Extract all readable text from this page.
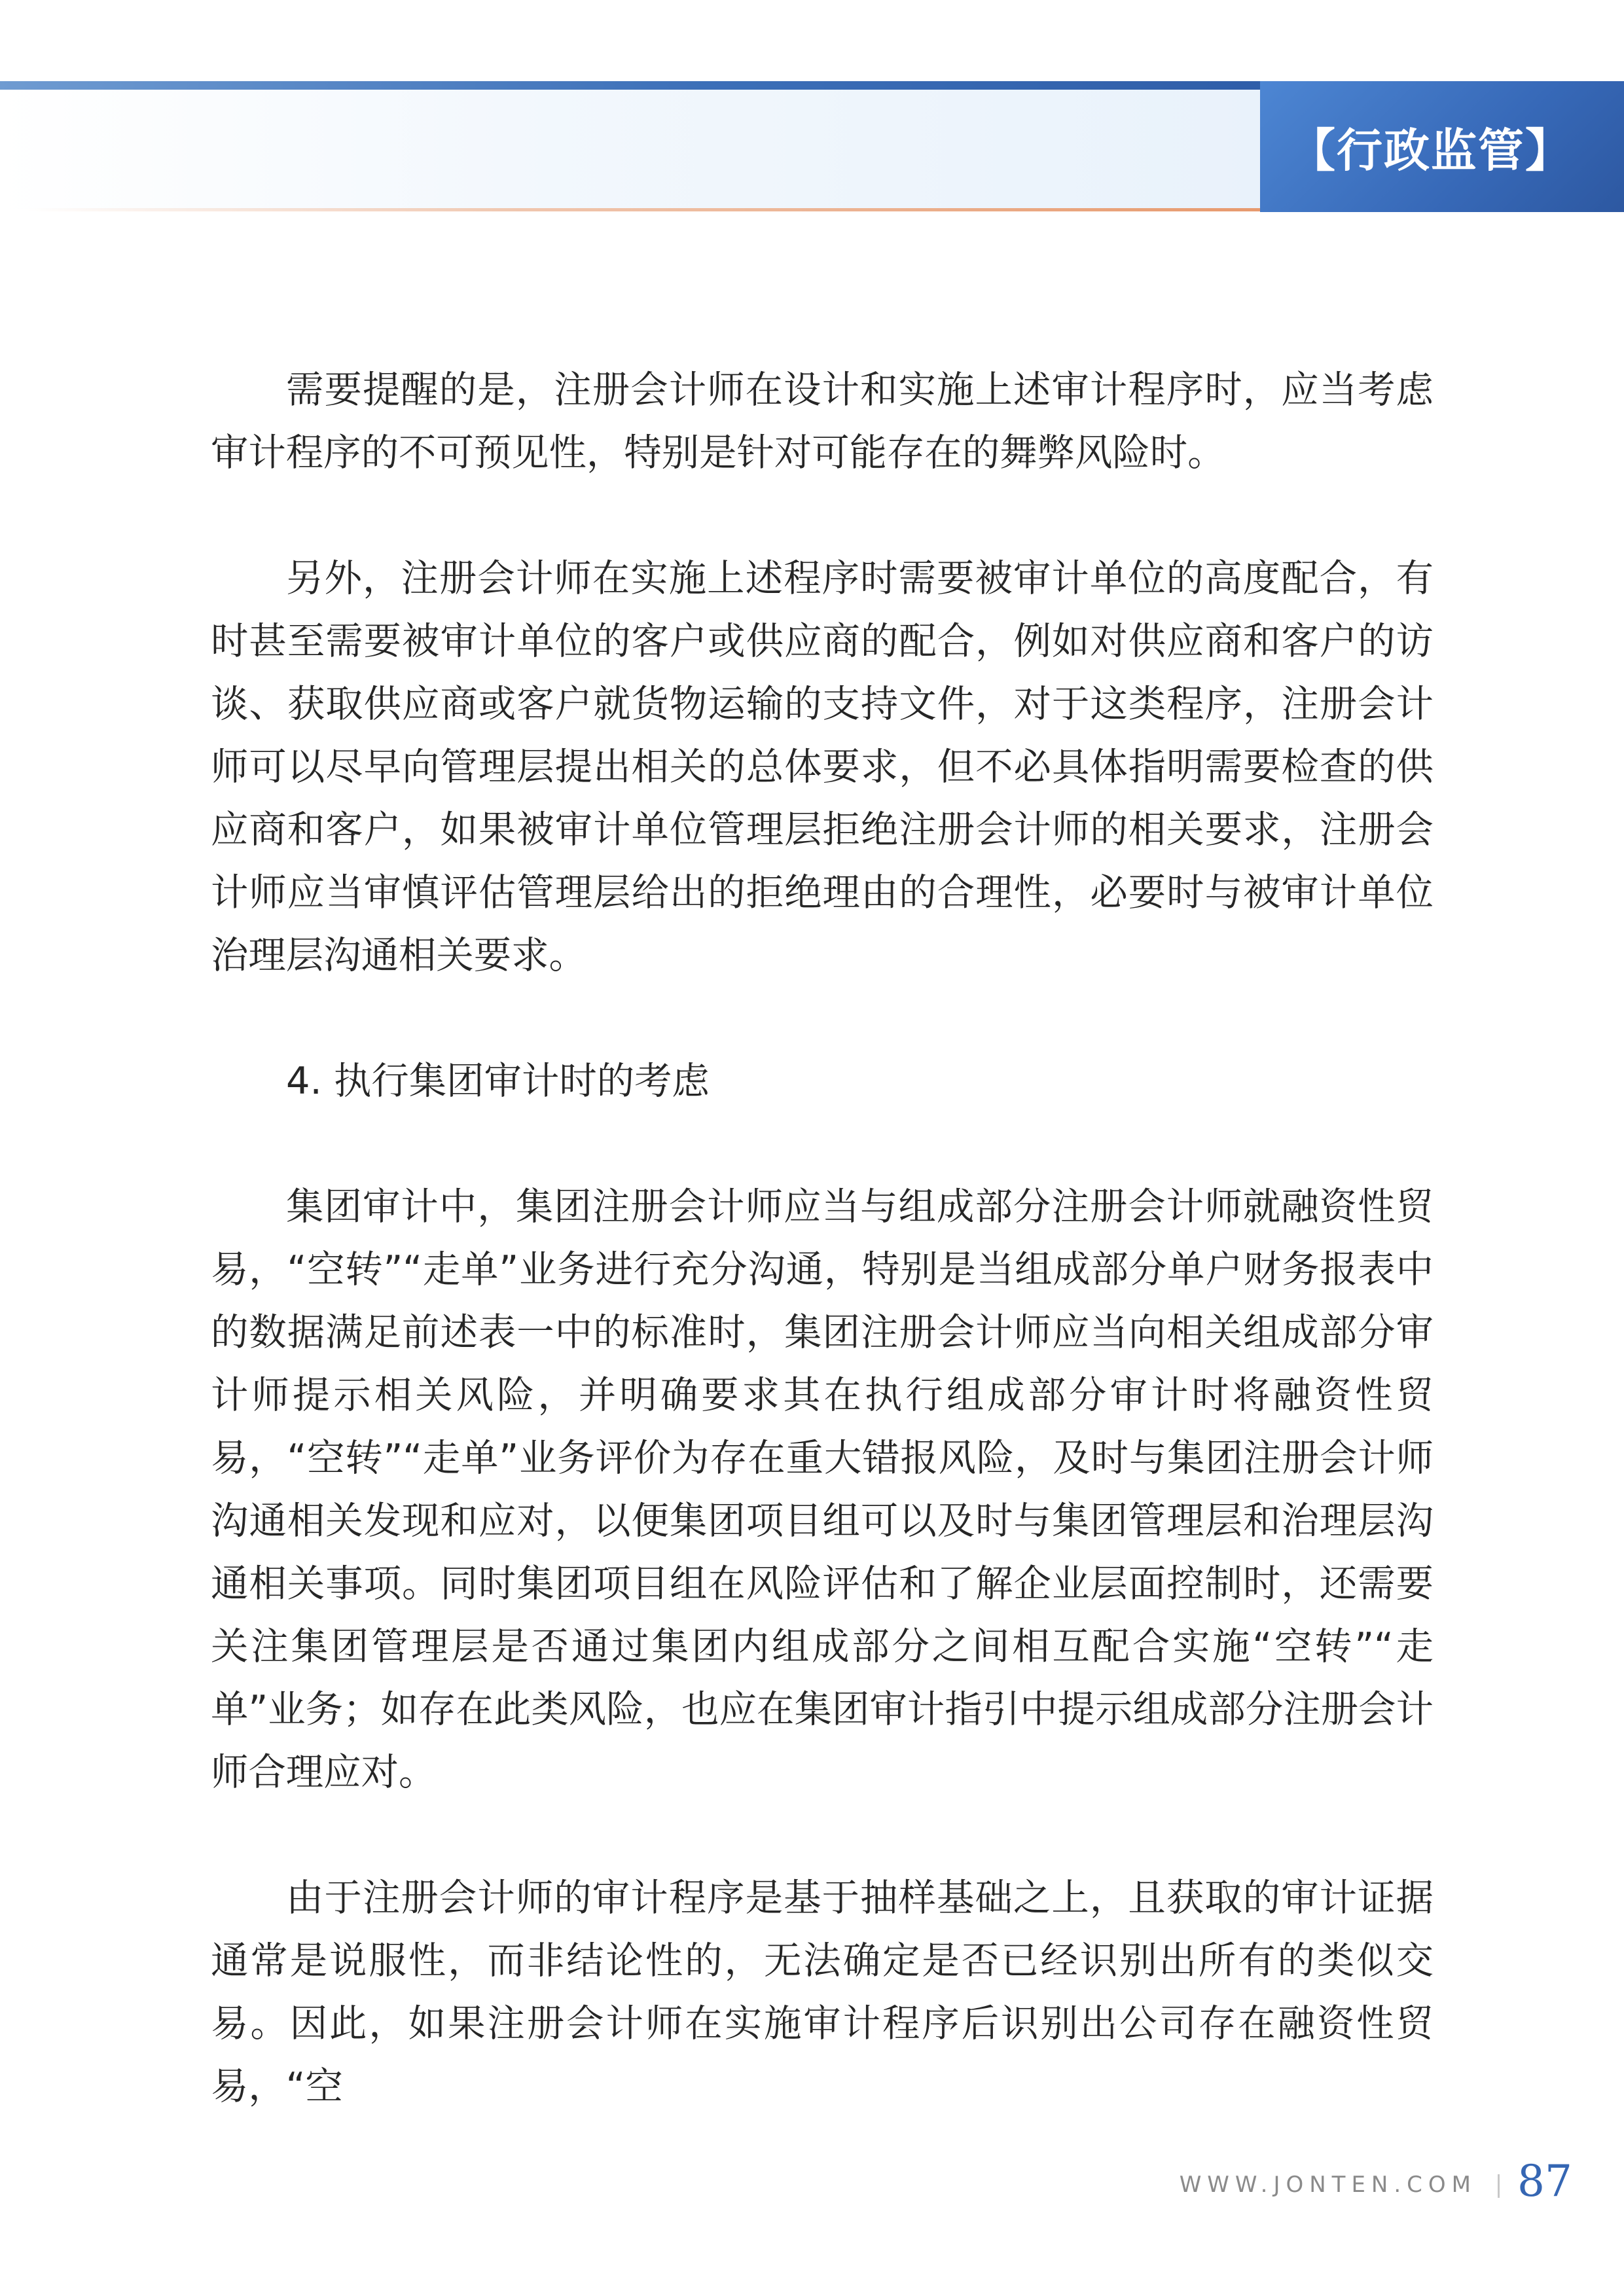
【行政监管】

需要提醒的是，注册会计师在设计和实施上述审计程序时，应当考虑审计程序的不可预见性，特别是针对可能存在的舞弊风险时。

另外，注册会计师在实施上述程序时需要被审计单位的高度配合，有时甚至需要被审计单位的客户或供应商的配合，例如对供应商和客户的访谈、获取供应商或客户就货物运输的支持文件，对于这类程序，注册会计师可以尽早向管理层提出相关的总体要求，但不必具体指明需要检查的供应商和客户，如果被审计单位管理层拒绝注册会计师的相关要求，注册会计师应当审慎评估管理层给出的拒绝理由的合理性，必要时与被审计单位治理层沟通相关要求。

4. 执行集团审计时的考虑

集团审计中，集团注册会计师应当与组成部分注册会计师就融资性贸易，“空转”“走单”业务进行充分沟通，特别是当组成部分单户财务报表中的数据满足前述表一中的标准时，集团注册会计师应当向相关组成部分审计师提示相关风险，并明确要求其在执行组成部分审计时将融资性贸易，“空转”“走单”业务评价为存在重大错报风险，及时与集团注册会计师沟通相关发现和应对，以便集团项目组可以及时与集团管理层和治理层沟通相关事项。同时集团项目组在风险评估和了解企业层面控制时，还需要关注集团管理层是否通过集团内组成部分之间相互配合实施“空转”“走单”业务；如存在此类风险，也应在集团审计指引中提示组成部分注册会计师合理应对。

由于注册会计师的审计程序是基于抽样基础之上，且获取的审计证据通常是说服性，而非结论性的，无法确定是否已经识别出所有的类似交易。因此，如果注册会计师在实施审计程序后识别出公司存在融资性贸易，“空

WWW.JONTEN.COM 87
